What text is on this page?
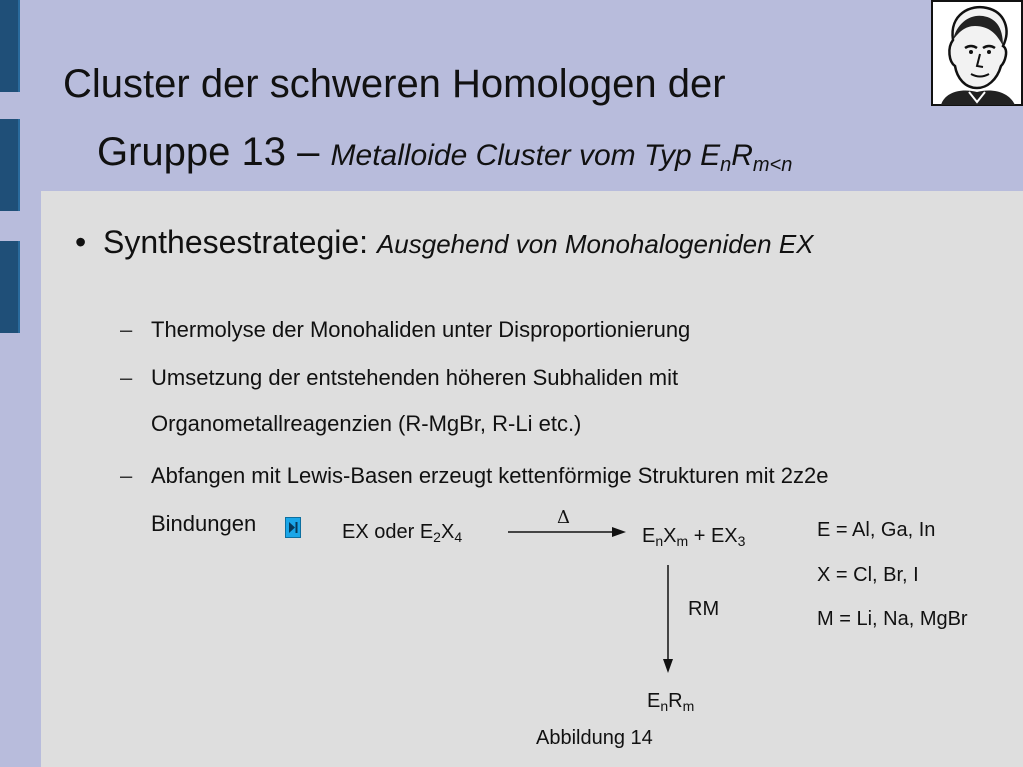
Cluster der schweren Homologen der
Gruppe 13 – Metalloide Cluster vom Typ $E_nR_{m<n}$
• Synthesestrategie: Ausgehend von Monohalogeniden EX
– Thermolyse der Monohaliden unter Disproportionierung
– Umsetzung der entstehenden höheren Subhaliden mit
Organometallreagenzien (R-MgBr, R-Li etc.)
– Abfangen mit Lewis-Basen erzeugt kettenförmige Strukturen mit 2z2e
Bindungen	EX oder $E_2X_4$
Δ
$E_nX_m + EX_3$	E = Al, Ga, In
X = Cl, Br, I
M = Li, Na, MgBr
RM
$E_nR_m$
Abbildung 14
